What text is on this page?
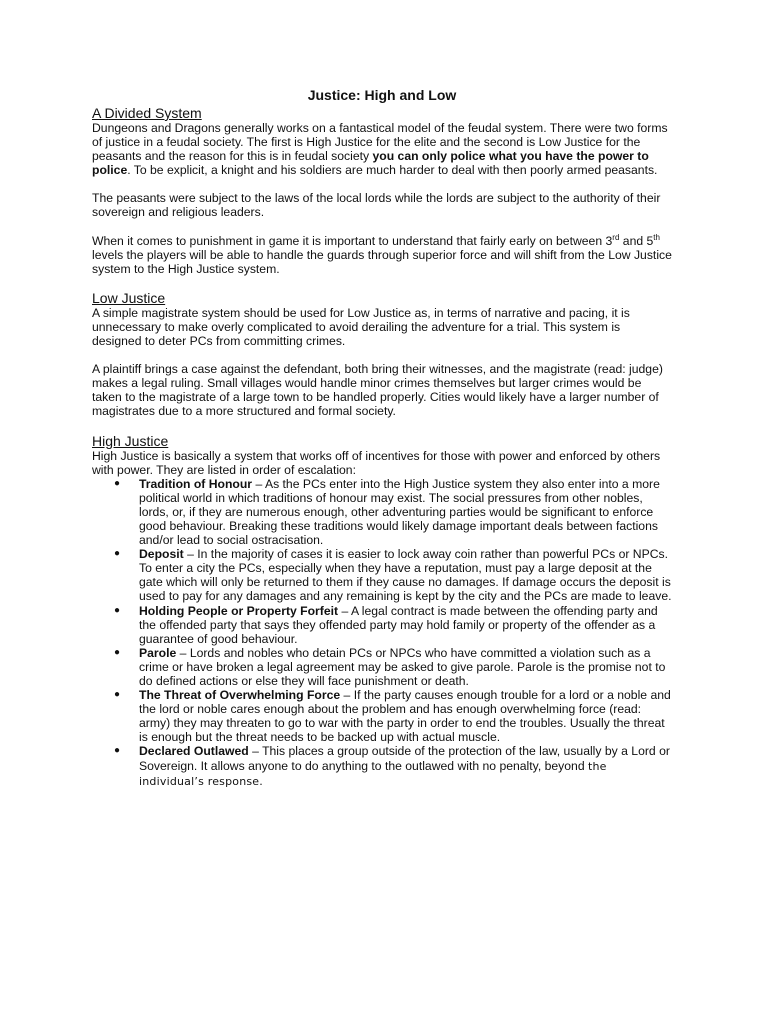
Justice: High and Low
A Divided System

Dungeons and Dragons generally works on a fantastical model of the feudal system. There were two forms of justice in a feudal society. The first is High Justice for the elite and the second is Low Justice for the peasants and the reason for this is in feudal society you can only police what you have the power to police. To be explicit, a knight and his soldiers are much harder to deal with then poorly armed peasants.

The peasants were subject to the laws of the local lords while the lords are subject to the authority of their sovereign and religious leaders.

When it comes to punishment in game it is important to understand that fairly early on between 3rd and 5th levels the players will be able to handle the guards through superior force and will shift from the Low Justice system to the High Justice system.

Low Justice

A simple magistrate system should be used for Low Justice as, in terms of narrative and pacing, it is unnecessary to make overly complicated to avoid derailing the adventure for a trial. This system is designed to deter PCs from committing crimes.

A plaintiff brings a case against the defendant, both bring their witnesses, and the magistrate (read: judge) makes a legal ruling. Small villages would handle minor crimes themselves but larger crimes would be taken to the magistrate of a large town to be handled properly. Cities would likely have a larger number of magistrates due to a more structured and formal society.

High Justice

High Justice is basically a system that works off of incentives for those with power and enforced by others with power. They are listed in order of escalation:

● Tradition of Honour – As the PCs enter into the High Justice system they also enter into a more political world in which traditions of honour may exist. The social pressures from other nobles, lords, or, if they are numerous enough, other adventuring parties would be significant to enforce good behaviour. Breaking these traditions would likely damage important deals between factions and/or lead to social ostracisation.
● Deposit – In the majority of cases it is easier to lock away coin rather than powerful PCs or NPCs. To enter a city the PCs, especially when they have a reputation, must pay a large deposit at the gate which will only be returned to them if they cause no damages. If damage occurs the deposit is used to pay for any damages and any remaining is kept by the city and the PCs are made to leave.
● Holding People or Property Forfeit – A legal contract is made between the offending party and the offended party that says they offended party may hold family or property of the offender as a guarantee of good behaviour.
● Parole – Lords and nobles who detain PCs or NPCs who have committed a violation such as a crime or have broken a legal agreement may be asked to give parole. Parole is the promise not to do defined actions or else they will face punishment or death.
● The Threat of Overwhelming Force – If the party causes enough trouble for a lord or a noble and the lord or noble cares enough about the problem and has enough overwhelming force (read: army) they may threaten to go to war with the party in order to end the troubles. Usually the threat is enough but the threat needs to be backed up with actual muscle.
● Declared Outlawed – This places a group outside of the protection of the law, usually by a Lord or Sovereign. It allows anyone to do anything to the outlawed with no penalty, beyond the individual’s response.
